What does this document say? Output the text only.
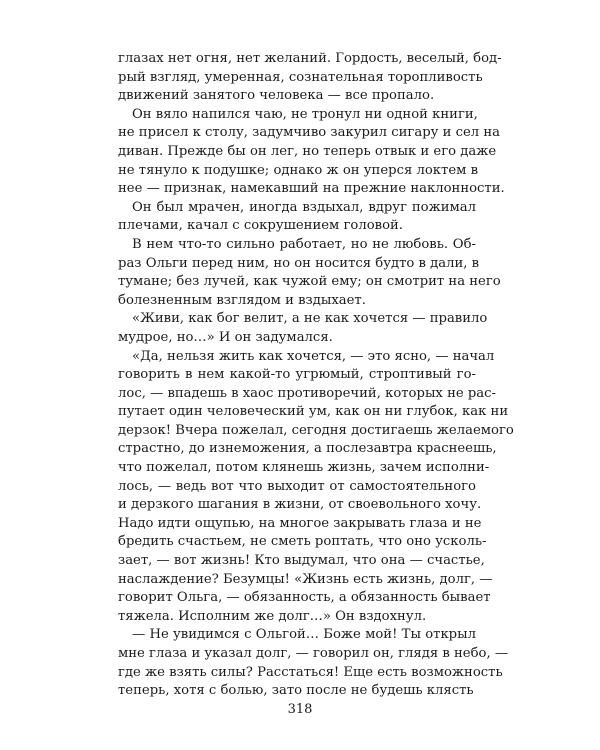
глазах нет огня, нет желаний. Гордость, веселый, бод-
рый взгляд, умеренная, сознательная торопливость
движений занятого человека — все пропало.
Он вяло напился чаю, не тронул ни одной книги,
не присел к столу, задумчиво закурил сигару и сел на
диван. Прежде бы он лег, но теперь отвык и его даже
не тянуло к подушке; однако ж он уперся локтем в
нее — признак, намекавший на прежние наклонности.
Он был мрачен, иногда вздыхал, вдруг пожимал
плечами, качал с сокрушением головой.
В нем что-то сильно работает, но не любовь. Об-
раз Ольги перед ним, но он носится будто в дали, в
тумане; без лучей, как чужой ему; он смотрит на него
болезненным взглядом и вздыхает.
«Живи, как бог велит, а не как хочется — правило
мудрое, но…» И он задумался.
«Да, нельзя жить как хочется, — это ясно, — начал
говорить в нем какой-то угрюмый, строптивый го-
лос, — впадешь в хаос противоречий, которых не рас-
путает один человеческий ум, как он ни глубок, как ни
дерзок! Вчера пожелал, сегодня достигаешь желаемого
страстно, до изнеможения, а послезавтра краснеешь,
что пожелал, потом клянешь жизнь, зачем исполни-
лось, — ведь вот что выходит от самостоятельного
и дерзкого шагания в жизни, от своевольного хочу.
Надо идти ощупью, на многое закрывать глаза и не
бредить счастьем, не сметь роптать, что оно усколь-
зает, — вот жизнь! Кто выдумал, что она — счастье,
наслаждение? Безумцы! «Жизнь есть жизнь, долг, —
говорит Ольга, — обязанность, а обязанность бывает
тяжела. Исполним же долг…» Он вздохнул.
— Не увидимся с Ольгой… Боже мой! Ты открыл
мне глаза и указал долг, — говорил он, глядя в небо, —
где же взять силы? Расстаться! Еще есть возможность
теперь, хотя с болью, зато после не будешь клясть
318
